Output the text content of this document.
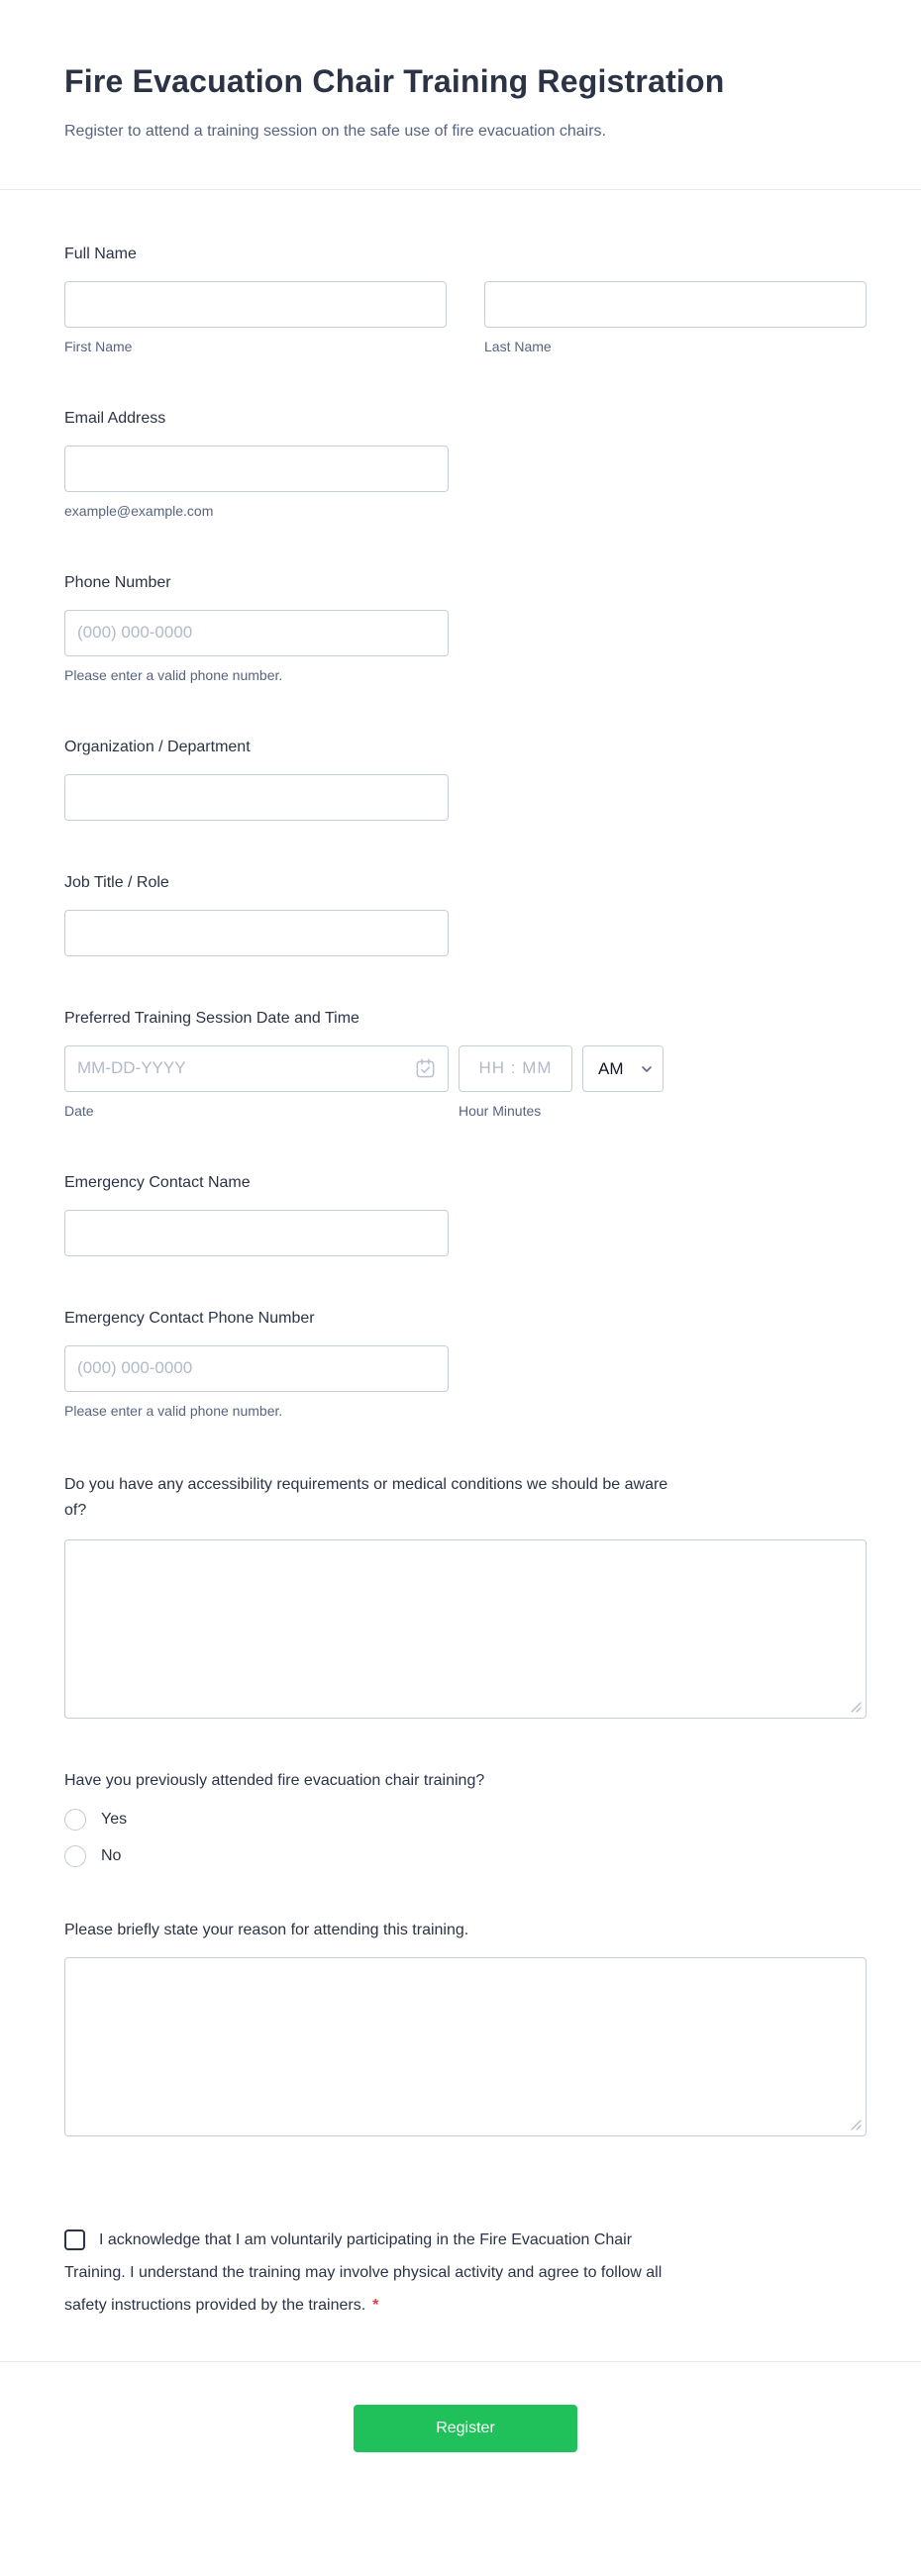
Fire Evacuation Chair Training Registration

Register to attend a training session on the safe use of fire evacuation chairs.

Full Name
First Name	Last Name
Email Address
example@example.com
Phone Number
(000) 000-0000
Please enter a valid phone number.
Organization / Department
Job Title / Role
Preferred Training Session Date and Time
MM-DD-YYYY
HH : MM
AM
Date	Hour Minutes
Emergency Contact Name
Emergency Contact Phone Number
(000) 000-0000
Please enter a valid phone number.
Do you have any accessibility requirements or medical conditions we should be aware of?
Have you previously attended fire evacuation chair training?
Yes
No
Please briefly state your reason for attending this training.
I acknowledge that I am voluntarily participating in the Fire Evacuation Chair Training. I understand the training may involve physical activity and agree to follow all safety instructions provided by the trainers. *
Register
